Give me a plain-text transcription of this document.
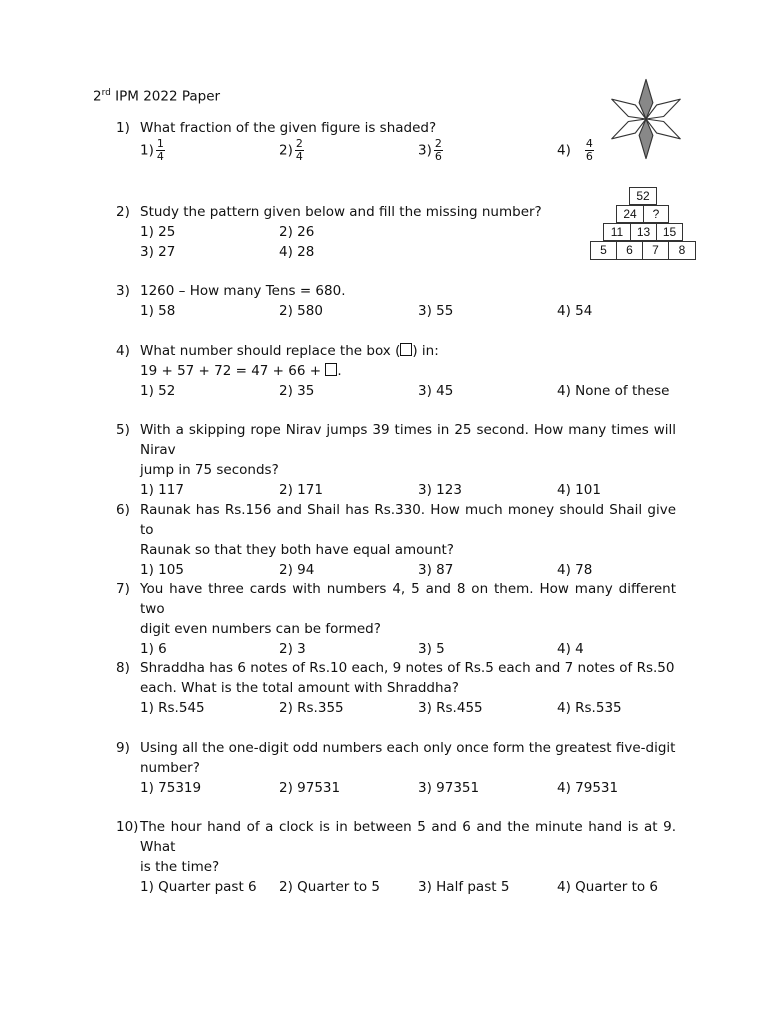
2rd IPM 2022 Paper
1) What fraction of the given figure is shaded?
$1) \frac{1}{4}$	$2) \frac{2}{4}$	$3) \frac{2}{6}$	$4) \frac{4}{6}$
2) Study the pattern given below and fill the missing number?
1) 25	2) 26
3) 27	4) 28
52
24	?
11	13	15
5	6	7	8
3) 1260 – How many Tens = 680.
1) 58	2) 580	3) 55	4) 54
4) What number should replace the box ( ) in:
19 + 57 + 72 = 47 + 66 + .
1) 52	2) 35	3) 45	4) None of these
5) With a skipping rope Nirav jumps 39 times in 25 second. How many times will Nirav
jump in 75 seconds?
1) 117	2) 171	3) 123	4) 101
6) Raunak has Rs.156 and Shail has Rs.330. How much money should Shail give to
Raunak so that they both have equal amount?
1) 105	2) 94	3) 87	4) 78
7) You have three cards with numbers 4, 5 and 8 on them. How many different two
digit even numbers can be formed?
1) 6	2) 3	3) 5	4) 4
8) Shraddha has 6 notes of Rs.10 each, 9 notes of Rs.5 each and 7 notes of Rs.50
each. What is the total amount with Shraddha?
1) Rs.545	2) Rs.355	3) Rs.455	4) Rs.535
9) Using all the one-digit odd numbers each only once form the greatest five-digit
number?
1) 75319	2) 97531	3) 97351	4) 79531
10) The hour hand of a clock is in between 5 and 6 and the minute hand is at 9. What
is the time?
1) Quarter past 6	2) Quarter to 5	3) Half past 5	4) Quarter to 6
